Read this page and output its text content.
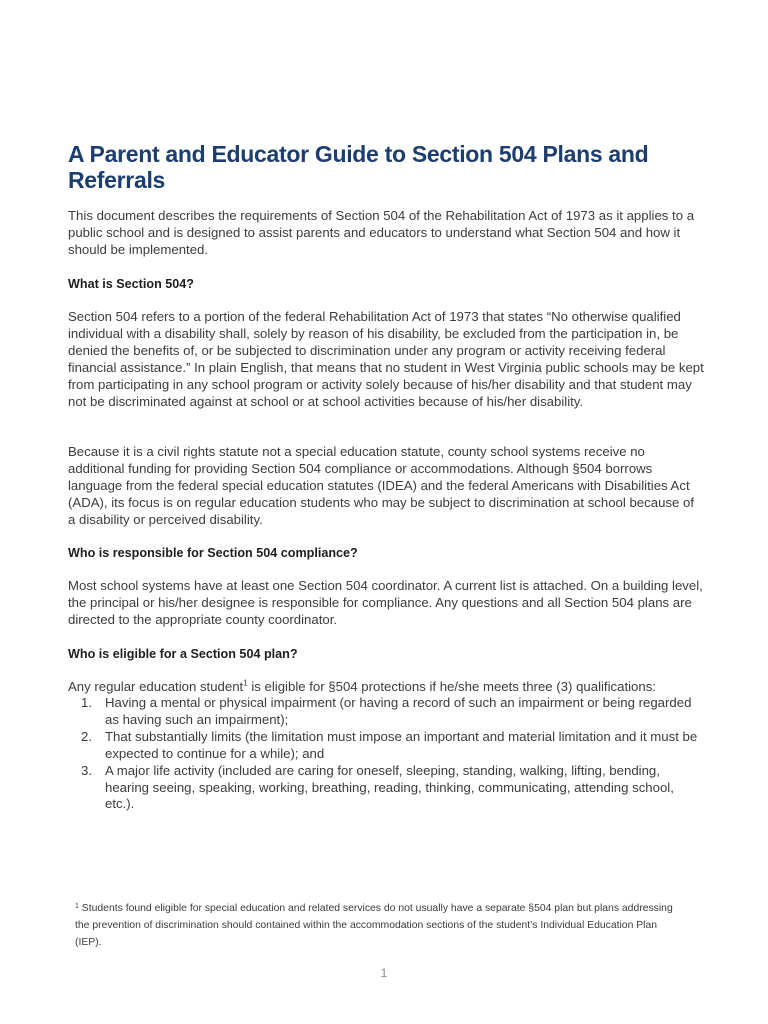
A Parent and Educator Guide to Section 504 Plans and Referrals

This document describes the requirements of Section 504 of the Rehabilitation Act of 1973 as it applies to a public school and is designed to assist parents and educators to understand what Section 504 and how it should be implemented.

What is Section 504?

Section 504 refers to a portion of the federal Rehabilitation Act of 1973 that states “No otherwise qualified individual with a disability shall, solely by reason of his disability, be excluded from the participation in, be denied the benefits of, or be subjected to discrimination under any program or activity receiving federal financial assistance.” In plain English, that means that no student in West Virginia public schools may be kept from participating in any school program or activity solely because of his/her disability and that student may not be discriminated against at school or at school activities because of his/her disability.

Because it is a civil rights statute not a special education statute, county school systems receive no additional funding for providing Section 504 compliance or accommodations. Although §504 borrows language from the federal special education statutes (IDEA) and the federal Americans with Disabilities Act (ADA), its focus is on regular education students who may be subject to discrimination at school because of a disability or perceived disability.

Who is responsible for Section 504 compliance?

Most school systems have at least one Section 504 coordinator. A current list is attached. On a building level, the principal or his/her designee is responsible for compliance. Any questions and all Section 504 plans are directed to the appropriate county coordinator.

Who is eligible for a Section 504 plan?

Any regular education student$^1$ is eligible for §504 protections if he/she meets three (3) qualifications:

1. Having a mental or physical impairment (or having a record of such an impairment or being regarded as having such an impairment);
2. That substantially limits (the limitation must impose an important and material limitation and it must be expected to continue for a while); and
3. A major life activity (included are caring for oneself, sleeping, standing, walking, lifting, bending, hearing seeing, speaking, working, breathing, reading, thinking, communicating, attending school, etc.).
$^1$ Students found eligible for special education and related services do not usually have a separate §504 plan but plans addressing the prevention of discrimination should contained within the accommodation sections of the student’s Individual Education Plan (IEP).
1
